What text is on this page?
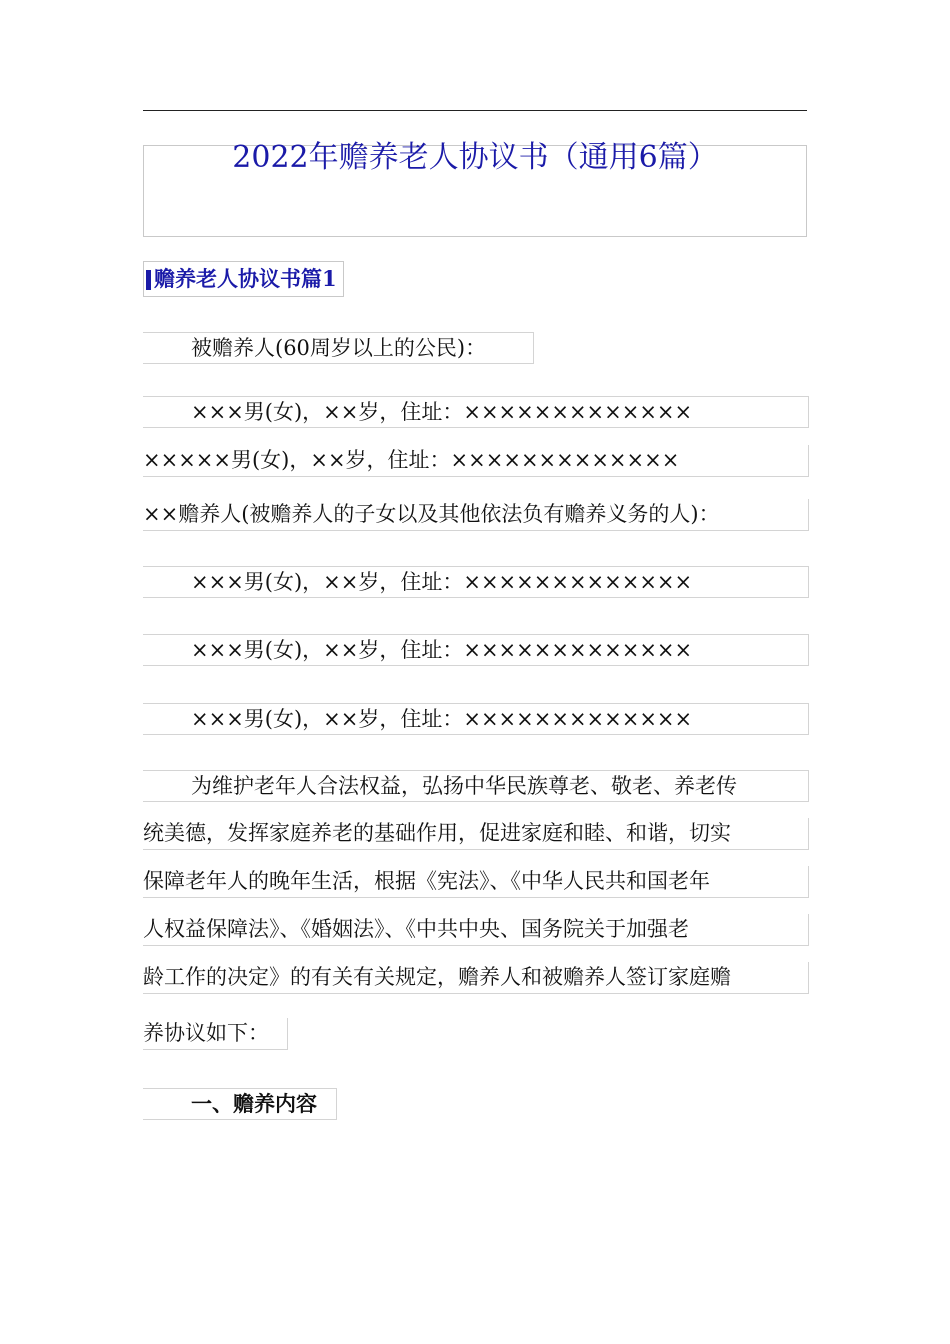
2022年赡养老人协议书（通用6篇）
赡养老人协议书篇1
被赡养人(60周岁以上的公民)：
×××男(女)，××岁，住址：×××××××××××××
×××××男(女)，××岁，住址：×××××××××××××
××赡养人(被赡养人的子女以及其他依法负有赡养义务的人)：
×××男(女)，××岁，住址：×××××××××××××
×××男(女)，××岁，住址：×××××××××××××
×××男(女)，××岁，住址：×××××××××××××
为维护老年人合法权益，弘扬中华民族尊老、敬老、养老传
统美德，发挥家庭养老的基础作用，促进家庭和睦、和谐，切实
保障老年人的晚年生活，根据《宪法》、《中华人民共和国老年
人权益保障法》、《婚姻法》、《中共中央、国务院关于加强老
龄工作的决定》的有关有关规定，赡养人和被赡养人签订家庭赡
养协议如下：
一、赡养内容
